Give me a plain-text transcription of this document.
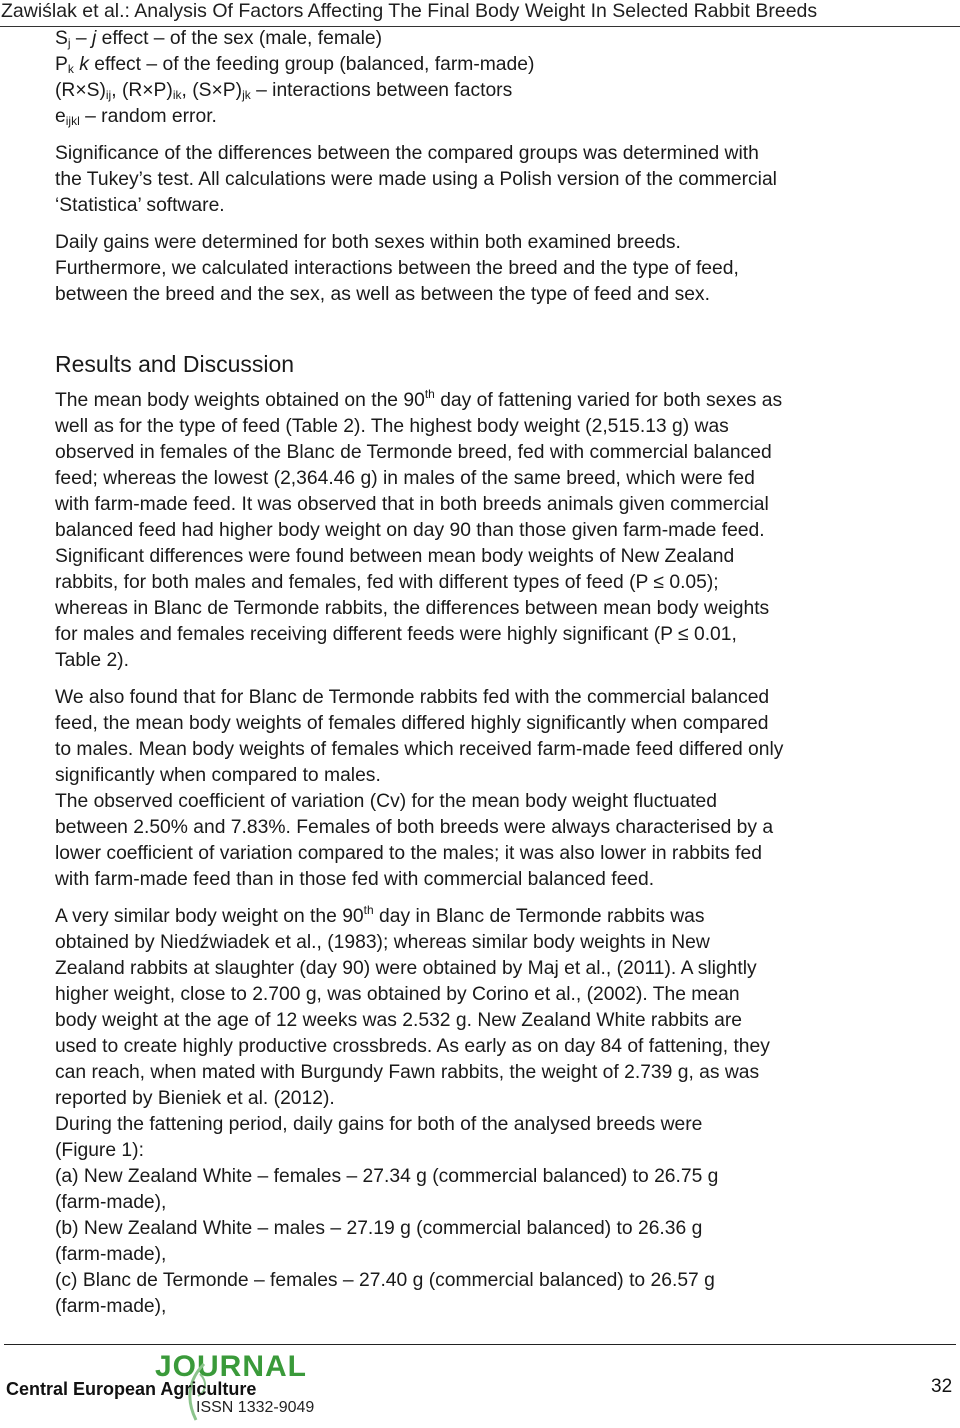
Zawiślak et al.: Analysis Of Factors Affecting The Final Body Weight In Selected Rabbit Breeds
$S_j$ – j effect – of the sex (male, female)
$P_k$ k effect – of the feeding group (balanced, farm-made)
$(R\times S)_{ij}$, $(R\times P)_{ik}$, $(S\times P)_{jk}$ – interactions between factors
$e_{ijkl}$ – random error.
Significance of the differences between the compared groups was determined with
the Tukey’s test. All calculations were made using a Polish version of the commercial
‘Statistica’ software.
Daily gains were determined for both sexes within both examined breeds.
Furthermore, we calculated interactions between the breed and the type of feed,
between the breed and the sex, as well as between the type of feed and sex.
Results and Discussion
The mean body weights obtained on the 90th day of fattening varied for both sexes as
well as for the type of feed (Table 2). The highest body weight (2,515.13 g) was
observed in females of the Blanc de Termonde breed, fed with commercial balanced
feed; whereas the lowest (2,364.46 g) in males of the same breed, which were fed
with farm-made feed. It was observed that in both breeds animals given commercial
balanced feed had higher body weight on day 90 than those given farm-made feed.
Significant differences were found between mean body weights of New Zealand
rabbits, for both males and females, fed with different types of feed (P ≤ 0.05);
whereas in Blanc de Termonde rabbits, the differences between mean body weights
for males and females receiving different feeds were highly significant (P ≤ 0.01,
Table 2).
We also found that for Blanc de Termonde rabbits fed with the commercial balanced
feed, the mean body weights of females differed highly significantly when compared
to males. Mean body weights of females which received farm-made feed differed only
significantly when compared to males.
The observed coefficient of variation (Cv) for the mean body weight fluctuated
between 2.50% and 7.83%. Females of both breeds were always characterised by a
lower coefficient of variation compared to the males; it was also lower in rabbits fed
with farm-made feed than in those fed with commercial balanced feed.
A very similar body weight on the 90th day in Blanc de Termonde rabbits was
obtained by Niedźwiadek et al., (1983); whereas similar body weights in New
Zealand rabbits at slaughter (day 90) were obtained by Maj et al., (2011). A slightly
higher weight, close to 2.700 g, was obtained by Corino et al., (2002). The mean
body weight at the age of 12 weeks was 2.532 g. New Zealand White rabbits are
used to create highly productive crossbreds. As early as on day 84 of fattening, they
can reach, when mated with Burgundy Fawn rabbits, the weight of 2.739 g, as was
reported by Bieniek et al. (2012).
During the fattening period, daily gains for both of the analysed breeds were
(Figure 1):
(a) New Zealand White – females – 27.34 g (commercial balanced) to 26.75 g
(farm-made),
(b) New Zealand White – males – 27.19 g (commercial balanced) to 26.36 g
(farm-made),
(c) Blanc de Termonde – females – 27.40 g (commercial balanced) to 26.57 g
(farm-made),
JOURNAL
Central European Agriculture
ISSN 1332-9049
32
